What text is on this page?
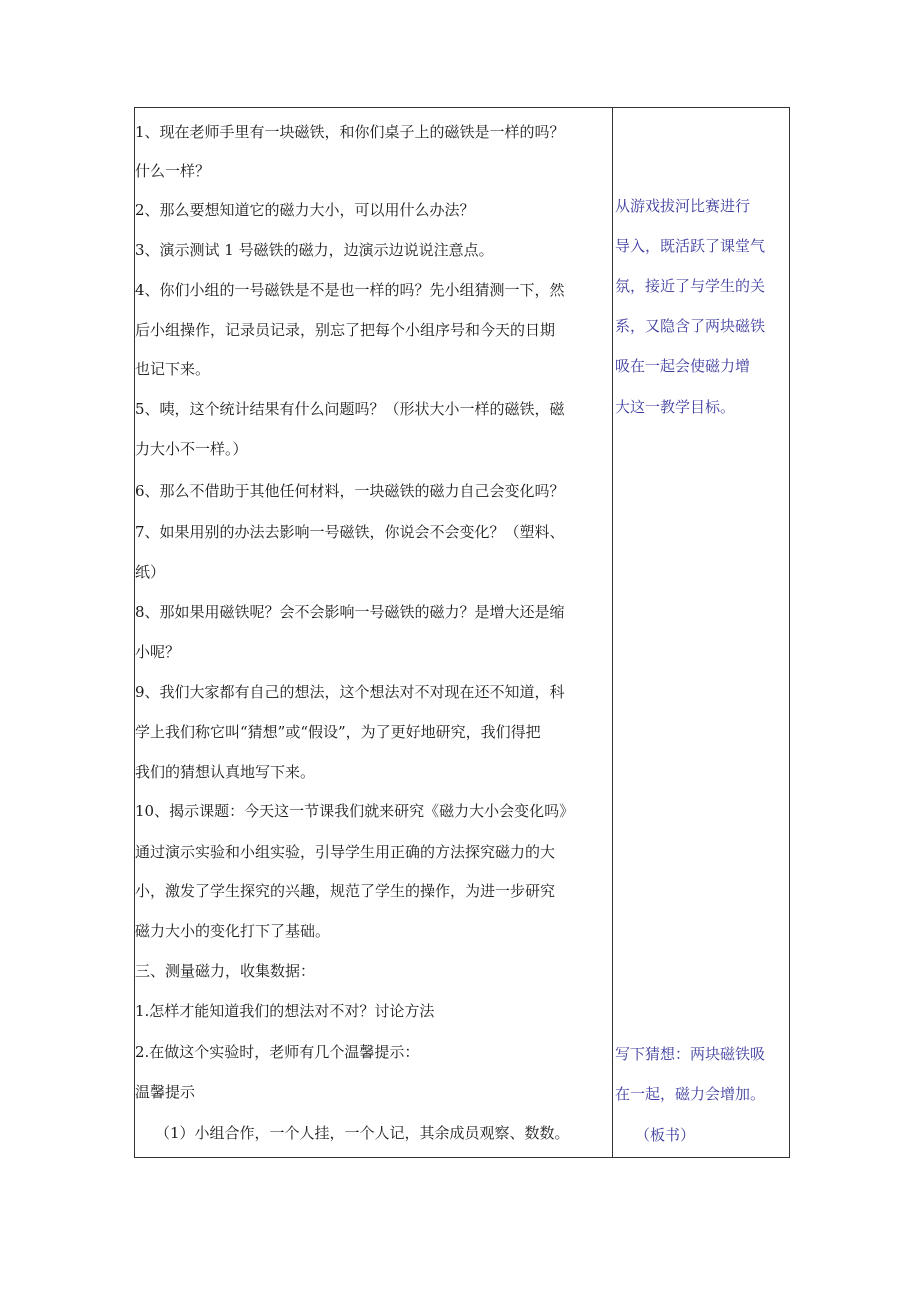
1、现在老师手里有一块磁铁，和你们桌子上的磁铁是一样的吗？
什么一样？
2、那么要想知道它的磁力大小，可以用什么办法？
3、演示测试 1 号磁铁的磁力，边演示边说说注意点。
4、你们小组的一号磁铁是不是也一样的吗？先小组猜测一下，然
后小组操作，记录员记录，别忘了把每个小组序号和今天的日期
也记下来。
5、咦，这个统计结果有什么问题吗？（形状大小一样的磁铁，磁
力大小不一样。）
6、那么不借助于其他任何材料，一块磁铁的磁力自己会变化吗？
7、如果用别的办法去影响一号磁铁，你说会不会变化？（塑料、
纸）
8、那如果用磁铁呢？会不会影响一号磁铁的磁力？是增大还是缩
小呢？
9、我们大家都有自己的想法，这个想法对不对现在还不知道，科
学上我们称它叫“猜想”或“假设”，为了更好地研究，我们得把
我们的猜想认真地写下来。
10、揭示课题：今天这一节课我们就来研究《磁力大小会变化吗》
通过演示实验和小组实验，引导学生用正确的方法探究磁力的大
小，激发了学生探究的兴趣，规范了学生的操作，为进一步研究
磁力大小的变化打下了基础。
三、测量磁力，收集数据：
1.怎样才能知道我们的想法对不对？讨论方法
2.在做这个实验时，老师有几个温馨提示：
温馨提示
（1）小组合作，一个人挂，一个人记，其余成员观察、数数。
从游戏拔河比赛进行
导入，既活跃了课堂气
氛，接近了与学生的关
系，又隐含了两块磁铁
吸在一起会使磁力增
大这一教学目标。
写下猜想：两块磁铁吸
在一起，磁力会增加。
（板书）
